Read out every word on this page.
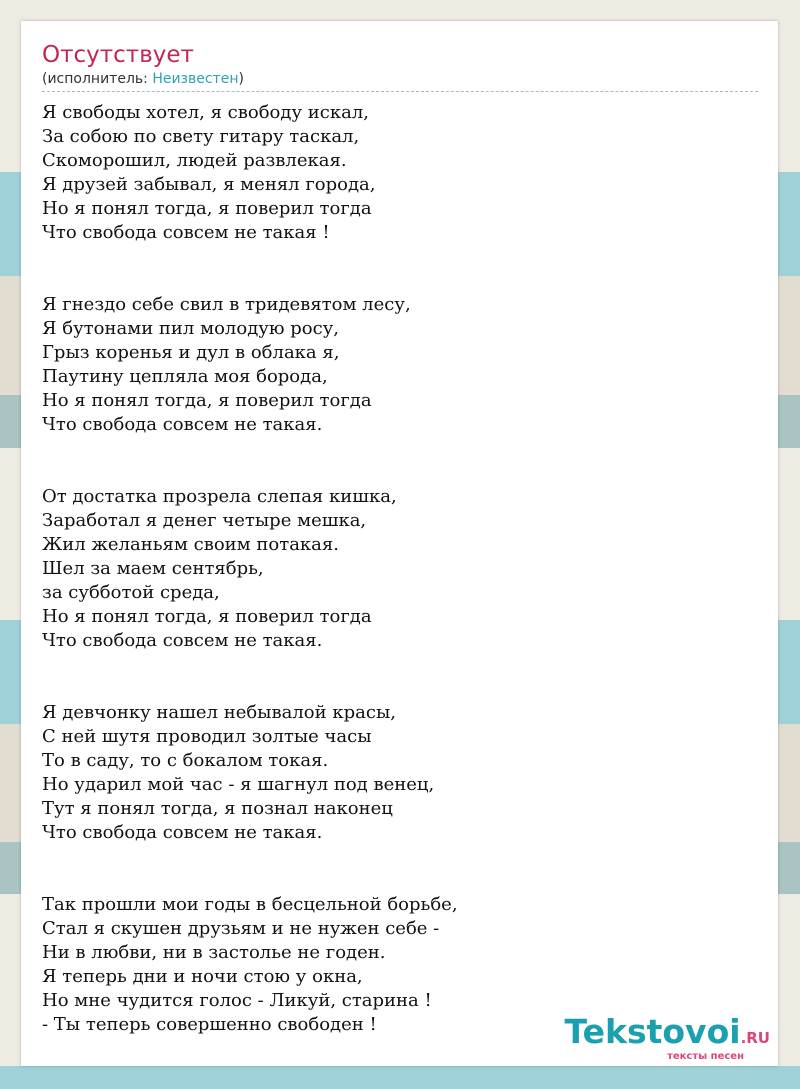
Отсутствует
(исполнитель: Неизвестен)
Я свободы хотел, я свободу искал,
За собою по свету гитару таскал,
Скоморошил, людей развлекая.
Я друзей забывал, я менял города,
Но я понял тогда, я поверил тогда
Что свобода совсем не такая !
Я гнездо себе свил в тридевятом лесу,
Я бутонами пил молодую росу,
Грыз коренья и дул в облака я,
Паутину цепляла моя борода,
Но я понял тогда, я поверил тогда
Что свобода совсем не такая.
От достатка прозрела слепая кишка,
Заработал я денег четыре мешка,
Жил желаньям своим потакая.
Шел за маем сентябрь,
за субботой среда,
Но я понял тогда, я поверил тогда
Что свобода совсем не такая.
Я девчонку нашел небывалой красы,
С ней шутя проводил золтые часы
То в саду, то с бокалом токая.
Но ударил мой час - я шагнул под венец,
Тут я понял тогда, я познал наконец
Что свобода совсем не такая.
Так прошли мои годы в бесцельной борьбе,
Стал я скушен друзьям и не нужен себе -
Ни в любви, ни в застолье не годен.
Я теперь дни и ночи стою у окна,
Но мне чудится голос - Ликуй, старина !
- Ты теперь совершенно свободен !	Tekstovoi.RU
тексты песен
